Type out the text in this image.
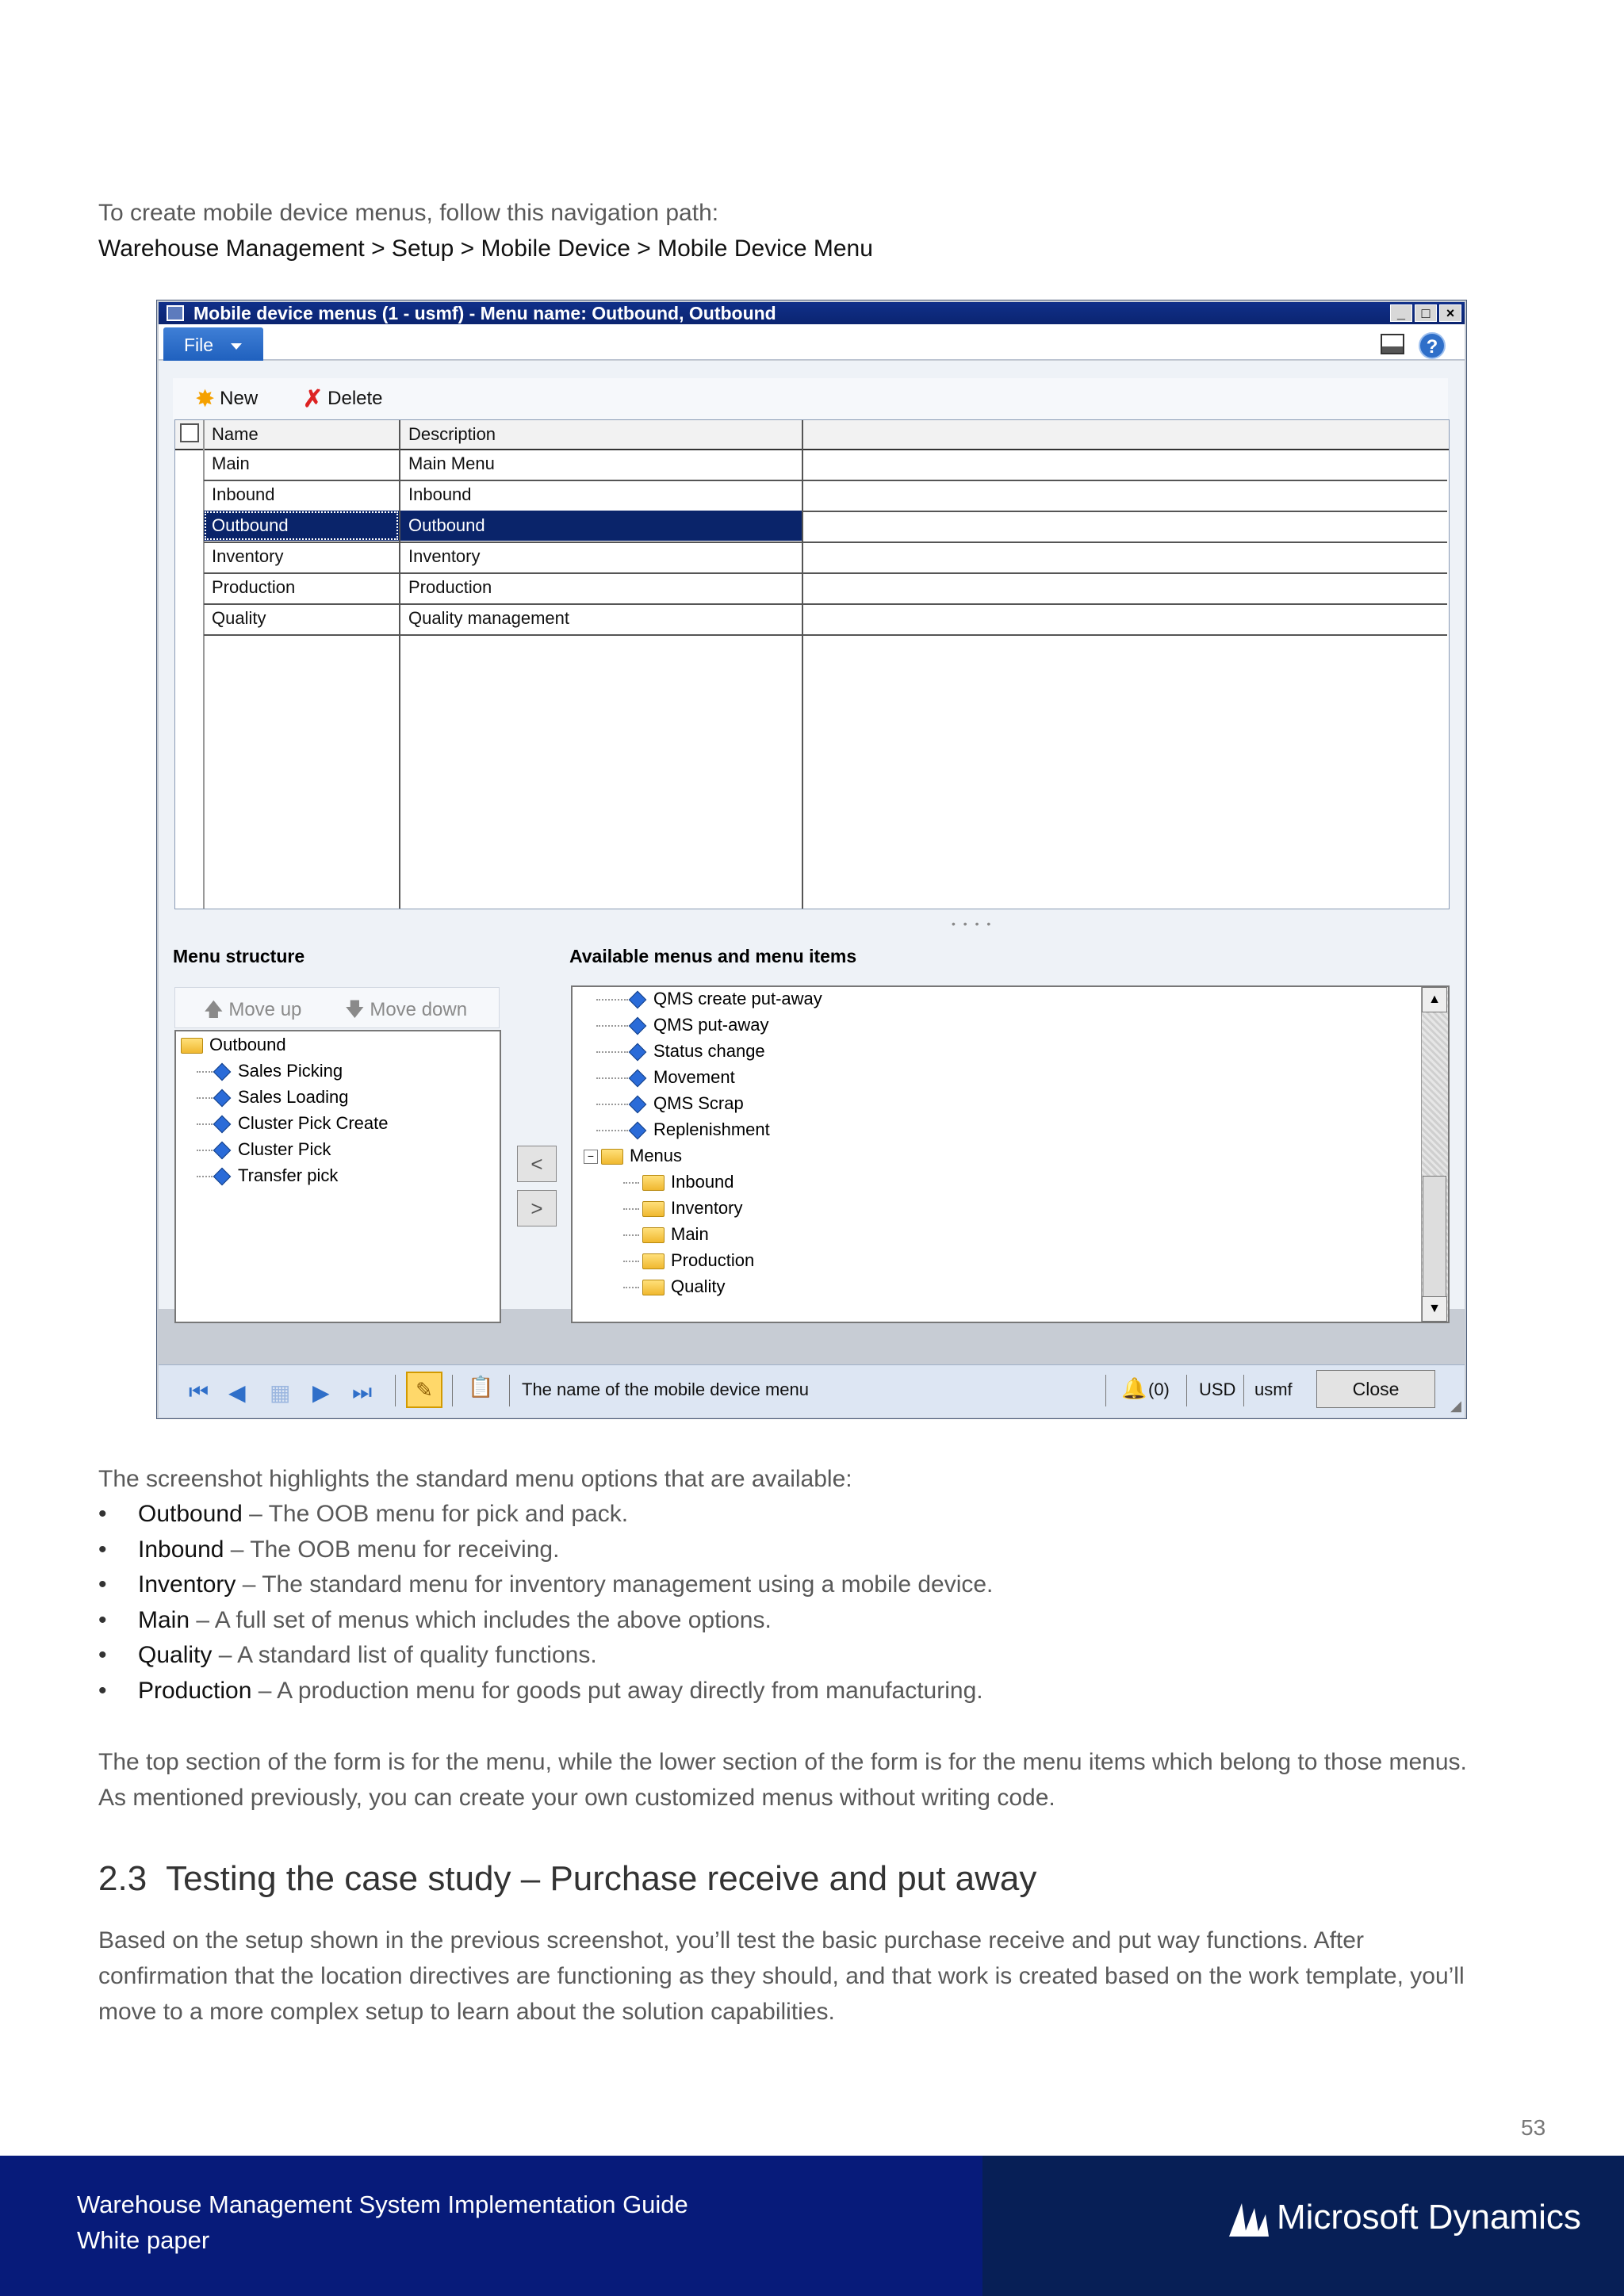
To create mobile device menus, follow this navigation path:
Warehouse Management > Setup > Mobile Device > Mobile Device Menu
Mobile device menus (1 - usmf) - Menu name: Outbound, Outbound	_	□	×
File	?
✸ New ✗ Delete
Name	Description
Main	Main Menu
Inbound	Inbound
Outbound	Outbound
Inventory	Inventory
Production	Production
Quality	Quality management
• • • •
Menu structure	Available menus and menu items
🡅 Move up 🡇 Move down
Outbound
Sales Picking
Sales Loading
Cluster Pick Create
Cluster Pick
Transfer pick	<
>
QMS create put-away
QMS put-away
Status change
Movement
QMS Scrap
Replenishment
− Menus
Inbound
Inventory
Main
Production
Quality
▲
▼
⏮ ◀ ▦ ▶ ⏭	✎	📋 The name of the mobile device menu	🔔 (0) USD usmf	Close
◢
The screenshot highlights the standard menu options that are available:
• Outbound – The OOB menu for pick and pack.
• Inbound – The OOB menu for receiving.
• Inventory – The standard menu for inventory management using a mobile device.
• Main – A full set of menus which includes the above options.
• Quality – A standard list of quality functions.
• Production – A production menu for goods put away directly from manufacturing.
The top section of the form is for the menu, while the lower section of the form is for the menu items which belong to those menus.
As mentioned previously, you can create your own customized menus without writing code.
2.3 Testing the case study – Purchase receive and put away
Based on the setup shown in the previous screenshot, you’ll test the basic purchase receive and put way functions. After
confirmation that the location directives are functioning as they should, and that work is created based on the work template, you’ll
move to a more complex setup to learn about the solution capabilities.
53
Warehouse Management System Implementation Guide
White paper
Microsoft Dynamics
